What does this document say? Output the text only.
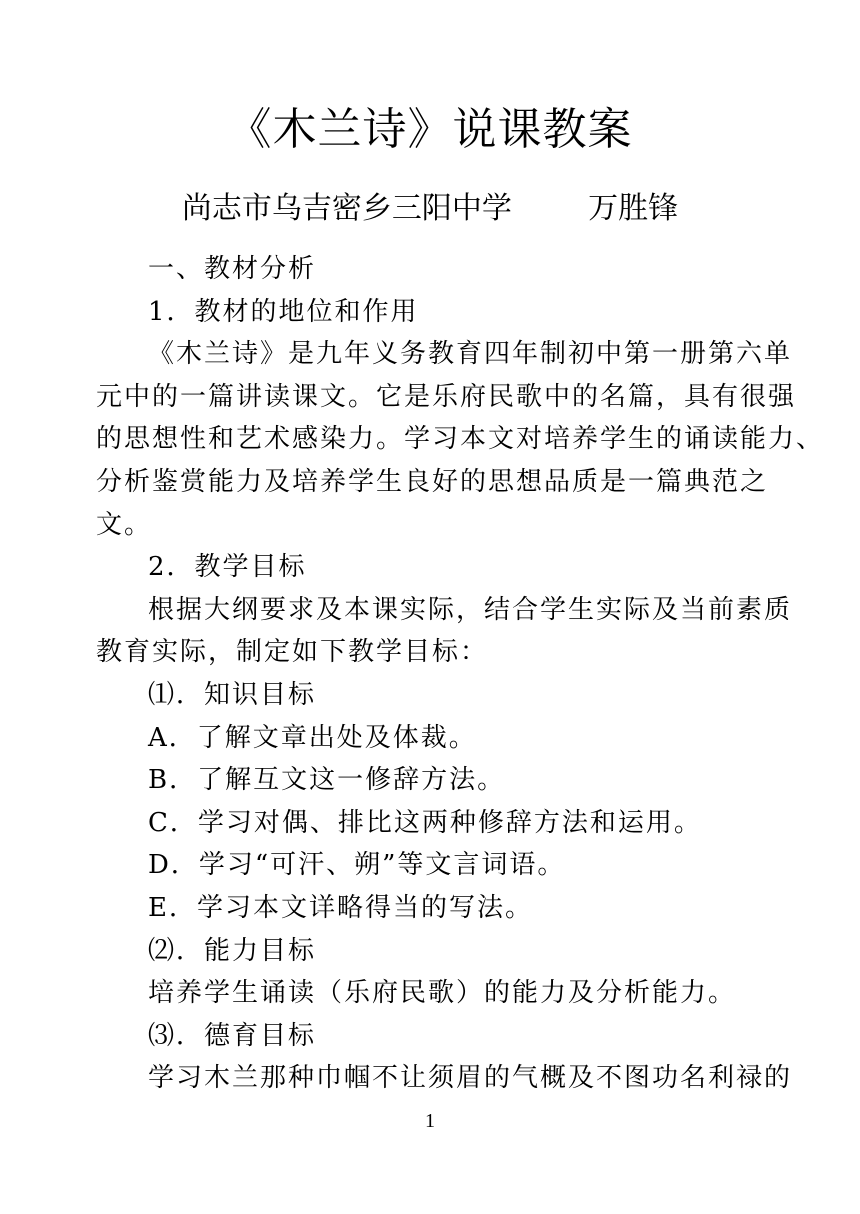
《木兰诗》说课教案
尚志市乌吉密乡三阳中学        万胜锋

一、教材分析

1．教材的地位和作用

《木兰诗》是九年义务教育四年制初中第一册第六单

元中的一篇讲读课文。它是乐府民歌中的名篇，具有很强

的思想性和艺术感染力。学习本文对培养学生的诵读能力、

分析鉴赏能力及培养学生良好的思想品质是一篇典范之

文。

2．教学目标

根据大纲要求及本课实际，结合学生实际及当前素质

教育实际，制定如下教学目标：

⑴．知识目标

A．了解文章出处及体裁。

B．了解互文这一修辞方法。

C．学习对偶、排比这两种修辞方法和运用。

D．学习“可汗、朔”等文言词语。

E．学习本文详略得当的写法。

⑵．能力目标

培养学生诵读（乐府民歌）的能力及分析能力。

⑶．德育目标

学习木兰那种巾帼不让须眉的气概及不图功名利禄的

1
